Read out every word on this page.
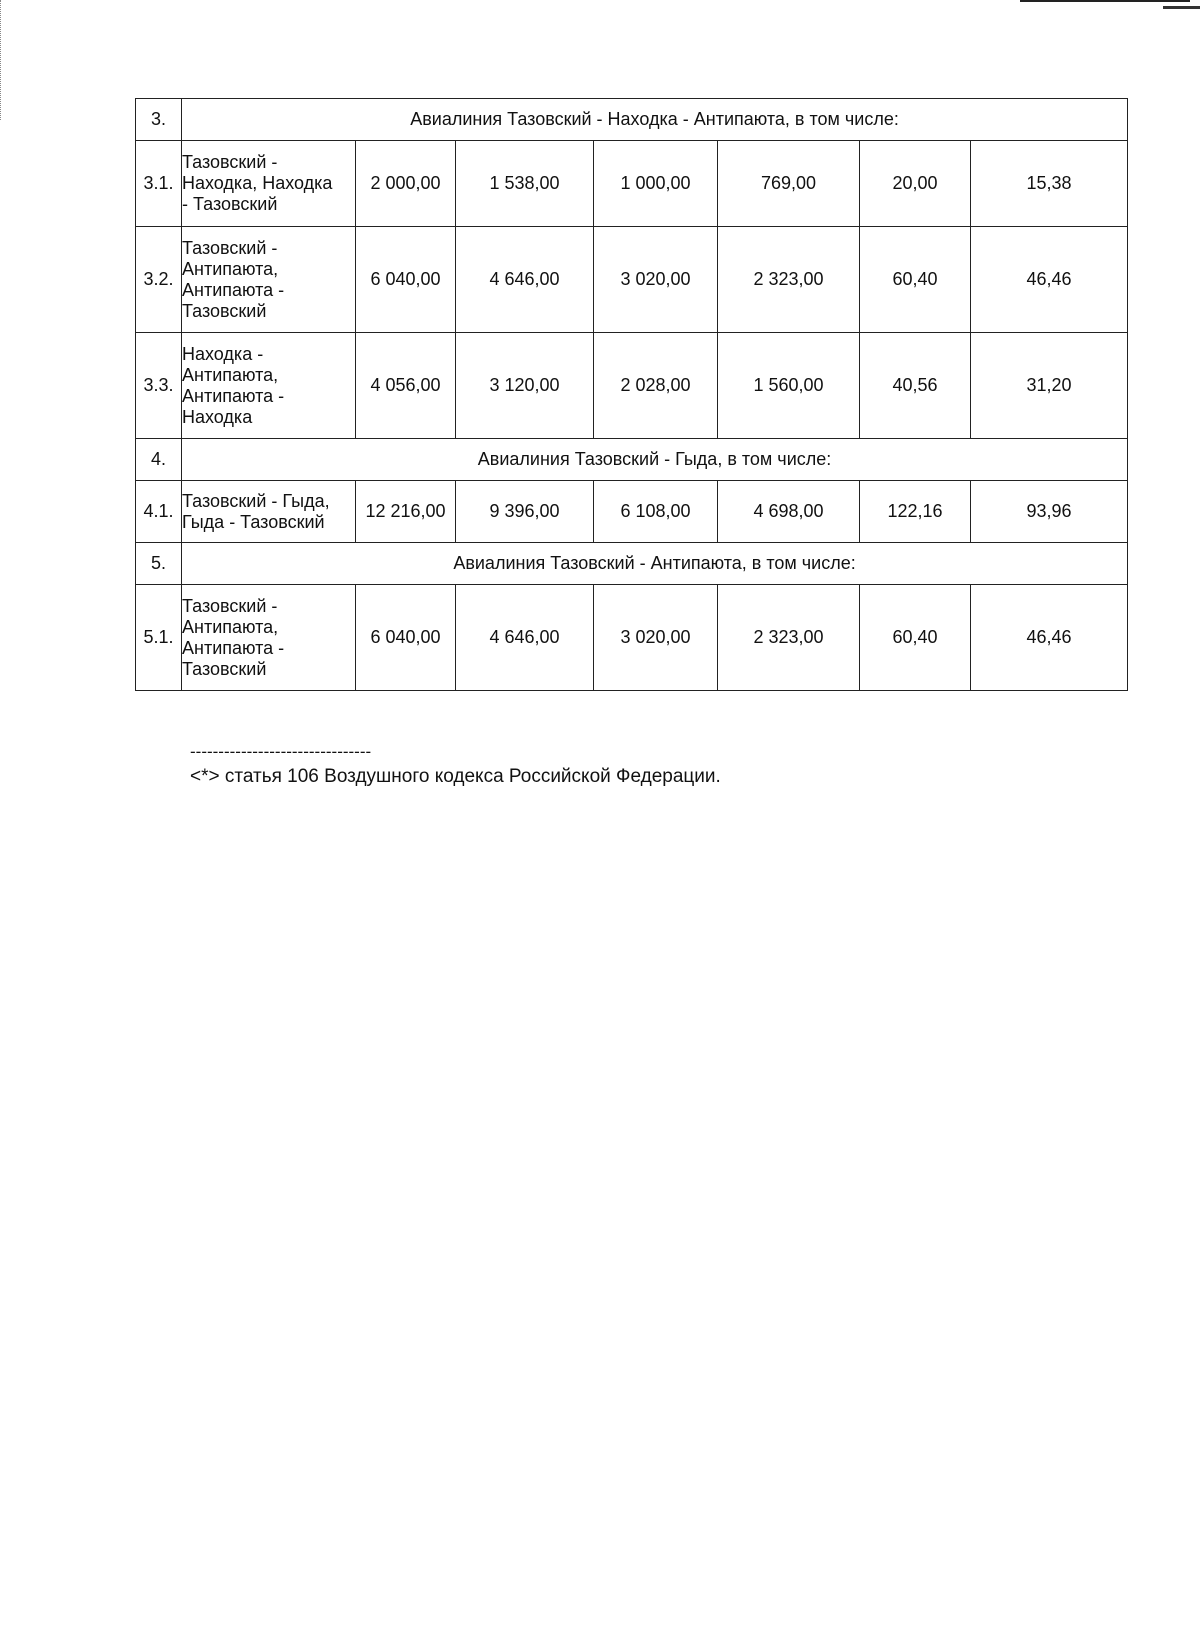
3.	Авиалиния Тазовский - Находка - Антипаюта, в том числе:						
3.1.	Тазовский -
Находка, Находка
- Тазовский	2 000,00	1 538,00	1 000,00	769,00	20,00	15,38
3.2.	Тазовский -
Антипаюта,
Антипаюта -
Тазовский	6 040,00	4 646,00	3 020,00	2 323,00	60,40	46,46
3.3.	Находка -
Антипаюта,
Антипаюта -
Находка	4 056,00	3 120,00	2 028,00	1 560,00	40,56	31,20
4.	Авиалиния Тазовский - Гыда, в том числе:						
4.1.	Тазовский - Гыда,
Гыда - Тазовский	12 216,00	9 396,00	6 108,00	4 698,00	122,16	93,96
5.	Авиалиния Тазовский - Антипаюта, в том числе:						
5.1.	Тазовский -
Антипаюта,
Антипаюта -
Тазовский	6 040,00	4 646,00	3 020,00	2 323,00	60,40	46,46
--------------------------------
<*> статья 106 Воздушного кодекса Российской Федерации.
